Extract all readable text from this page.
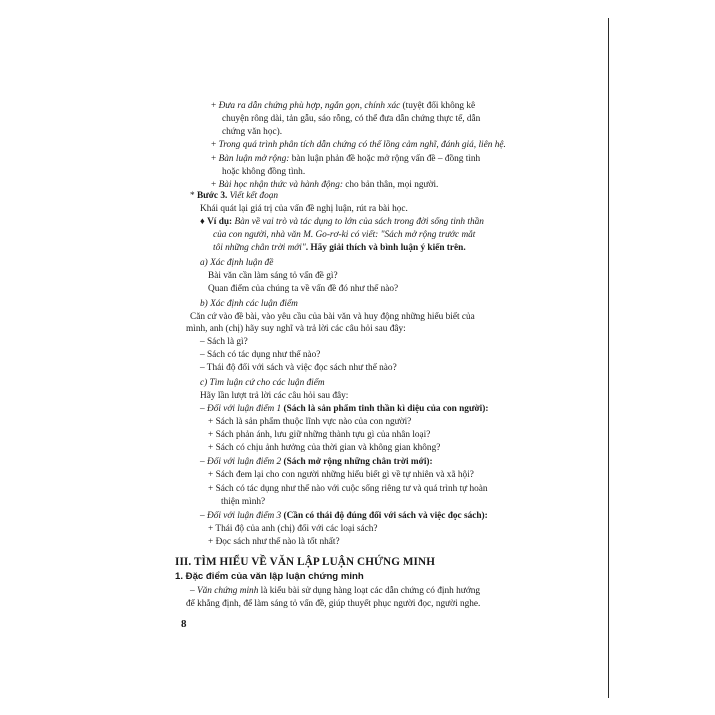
+ Đưa ra dẫn chứng phù hợp, ngắn gọn, chính xác (tuyệt đối không kê
chuyện rông dài, tản gẫu, sáo rỗng, có thể đưa dẫn chứng thực tế, dẫn
chứng văn học).
+ Trong quá trình phân tích dẫn chứng có thể lồng cảm nghĩ, đánh giá, liên hệ.
+ Bàn luận mở rộng: bàn luận phản đề hoặc mở rộng vấn đề – đồng tình
hoặc không đồng tình.
+ Bài học nhận thức và hành động: cho bản thân, mọi người.
* Bước 3. Viết kết đoạn
Khái quát lại giá trị của vấn đề nghị luận, rút ra bài học.
♦ Ví dụ: Bàn về vai trò và tác dụng to lớn của sách trong đời sống tinh thần
của con người, nhà văn M. Go-rơ-ki có viết: "Sách mở rộng trước mắt
tôi những chân trời mới". Hãy giải thích và bình luận ý kiến trên.
a) Xác định luận đề
Bài văn cần làm sáng tỏ vấn đề gì?
Quan điểm của chúng ta về vấn đề đó như thế nào?
b) Xác định các luận điểm
Căn cứ vào đề bài, vào yêu cầu của bài văn và huy động những hiểu biết của
mình, anh (chị) hãy suy nghĩ và trả lời các câu hỏi sau đây:
– Sách là gì?
– Sách có tác dụng như thế nào?
– Thái độ đối với sách và việc đọc sách như thế nào?
c) Tìm luận cứ cho các luận điểm
Hãy lần lượt trả lời các câu hỏi sau đây:
– Đối với luận điểm 1 (Sách là sản phẩm tinh thần kì diệu của con người):
+ Sách là sản phẩm thuộc lĩnh vực nào của con người?
+ Sách phản ánh, lưu giữ những thành tựu gì của nhân loại?
+ Sách có chịu ảnh hưởng của thời gian và không gian không?
– Đối với luận điểm 2 (Sách mở rộng những chân trời mới):
+ Sách đem lại cho con người những hiểu biết gì về tự nhiên và xã hội?
+ Sách có tác dụng như thế nào với cuộc sống riêng tư và quá trình tự hoàn
thiện mình?
– Đối với luận điểm 3 (Cần có thái độ đúng đối với sách và việc đọc sách):
+ Thái độ của anh (chị) đối với các loại sách?
+ Đọc sách như thế nào là tốt nhất?
III. TÌM HIỂU VỀ VĂN LẬP LUẬN CHỨNG MINH
1. Đặc điểm của văn lập luận chứng minh
– Văn chứng minh là kiểu bài sử dụng hàng loạt các dẫn chứng có định hướng
để khẳng định, để làm sáng tỏ vấn đề, giúp thuyết phục người đọc, người nghe.
8
